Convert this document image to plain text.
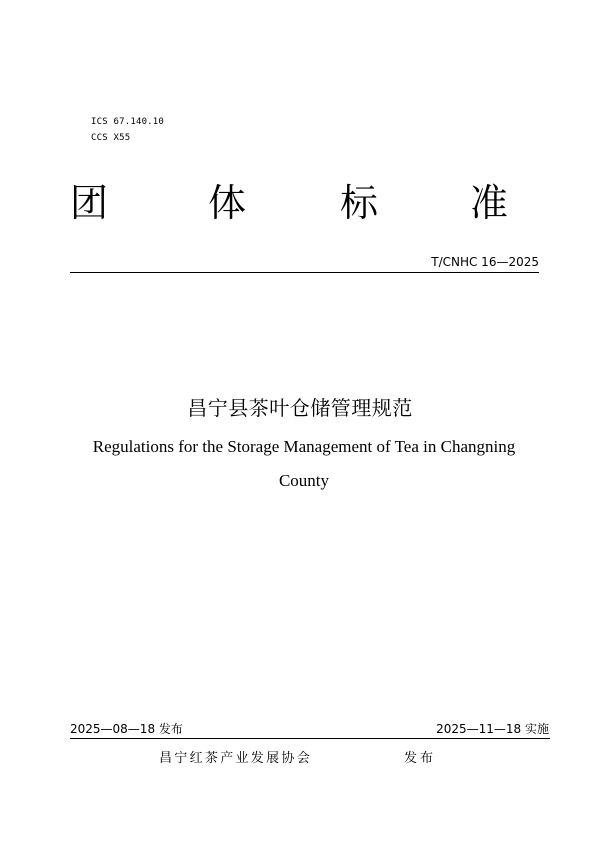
ICS 67.140.10
CCS X55
团	体 标 准
T/CNHC 16—2025
昌宁县茶叶仓储管理规范
Regulations for the Storage Management of Tea in Changning County
2025—08—18 发布	2025—11—18 实施
昌宁红茶产业发展协会	发布
